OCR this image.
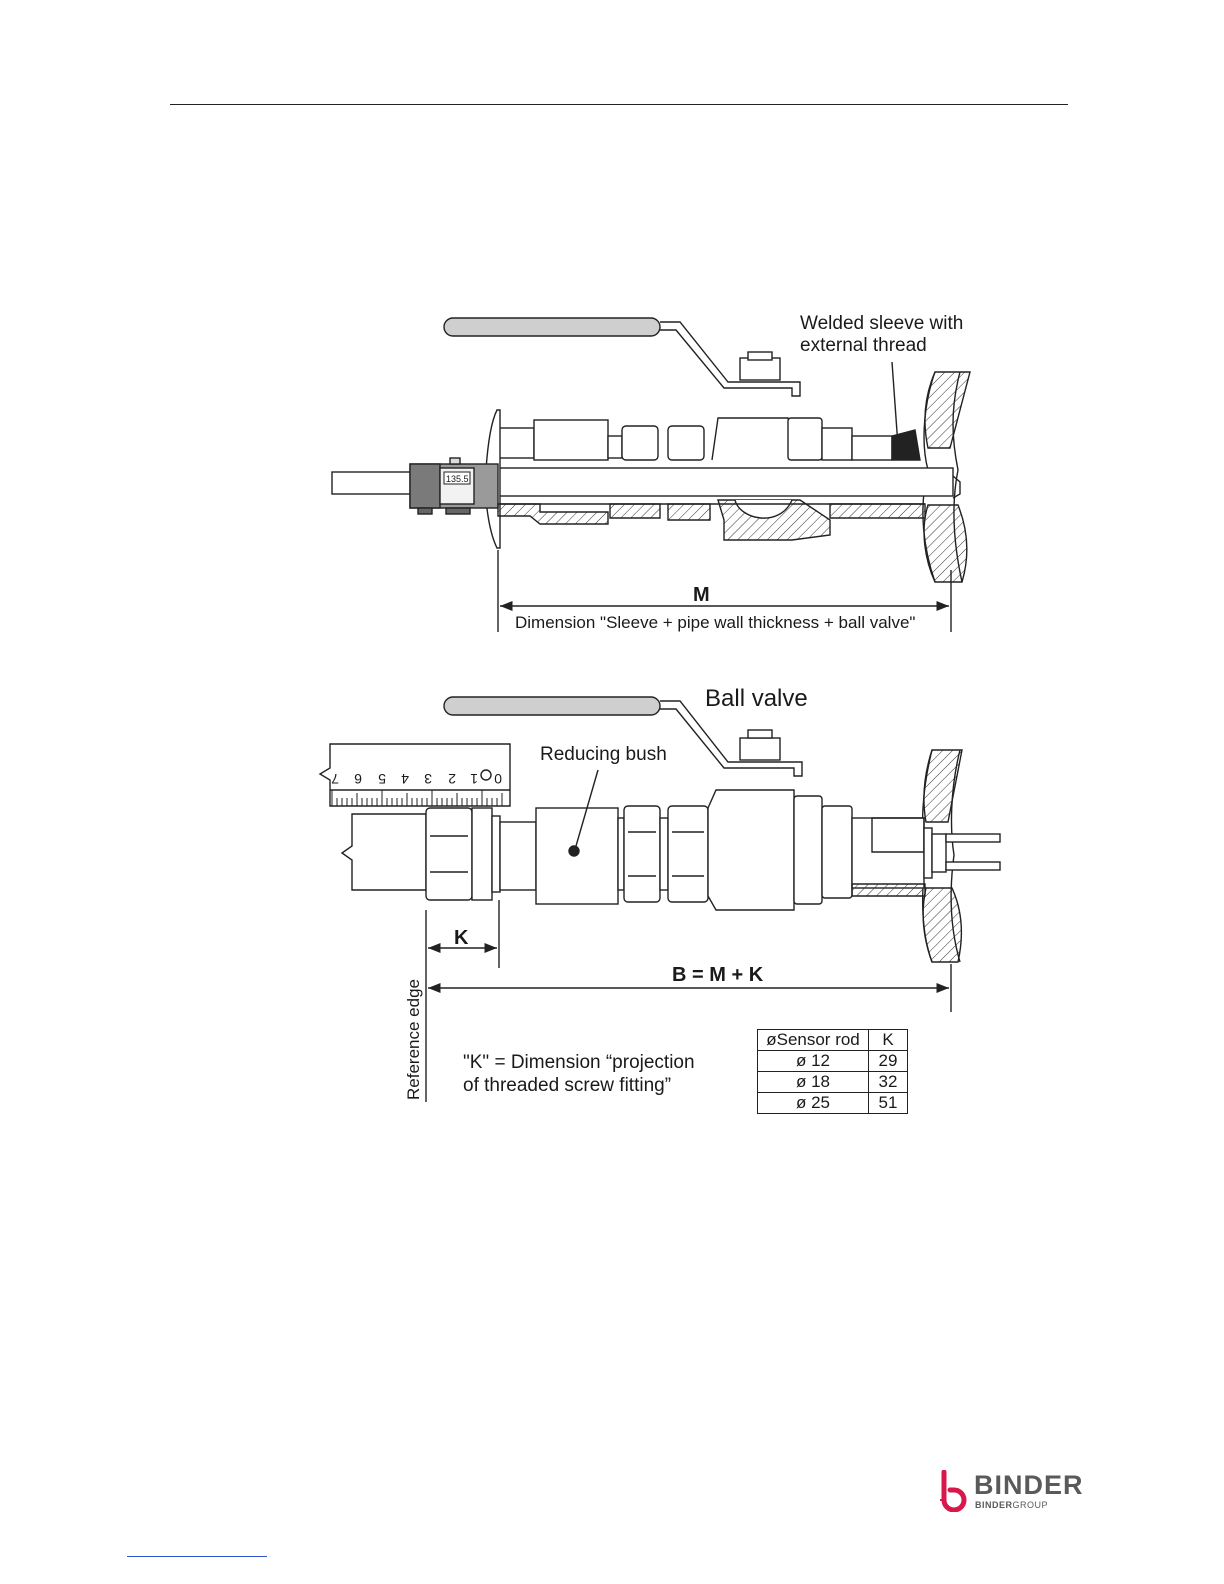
135.5
Welded sleeve with
external thread
M
Dimension "Sleeve + pipe wall thickness + ball valve"
0
1
2
3
4
5
6
7
Ball valve
Reducing bush
K
B = M + K
Reference edge "K" = Dimension “projection
of threaded screw fitting”
øSensor rod	K
ø 12	29
ø 18	32
ø 25	51
BINDER
BINDERGROUP
